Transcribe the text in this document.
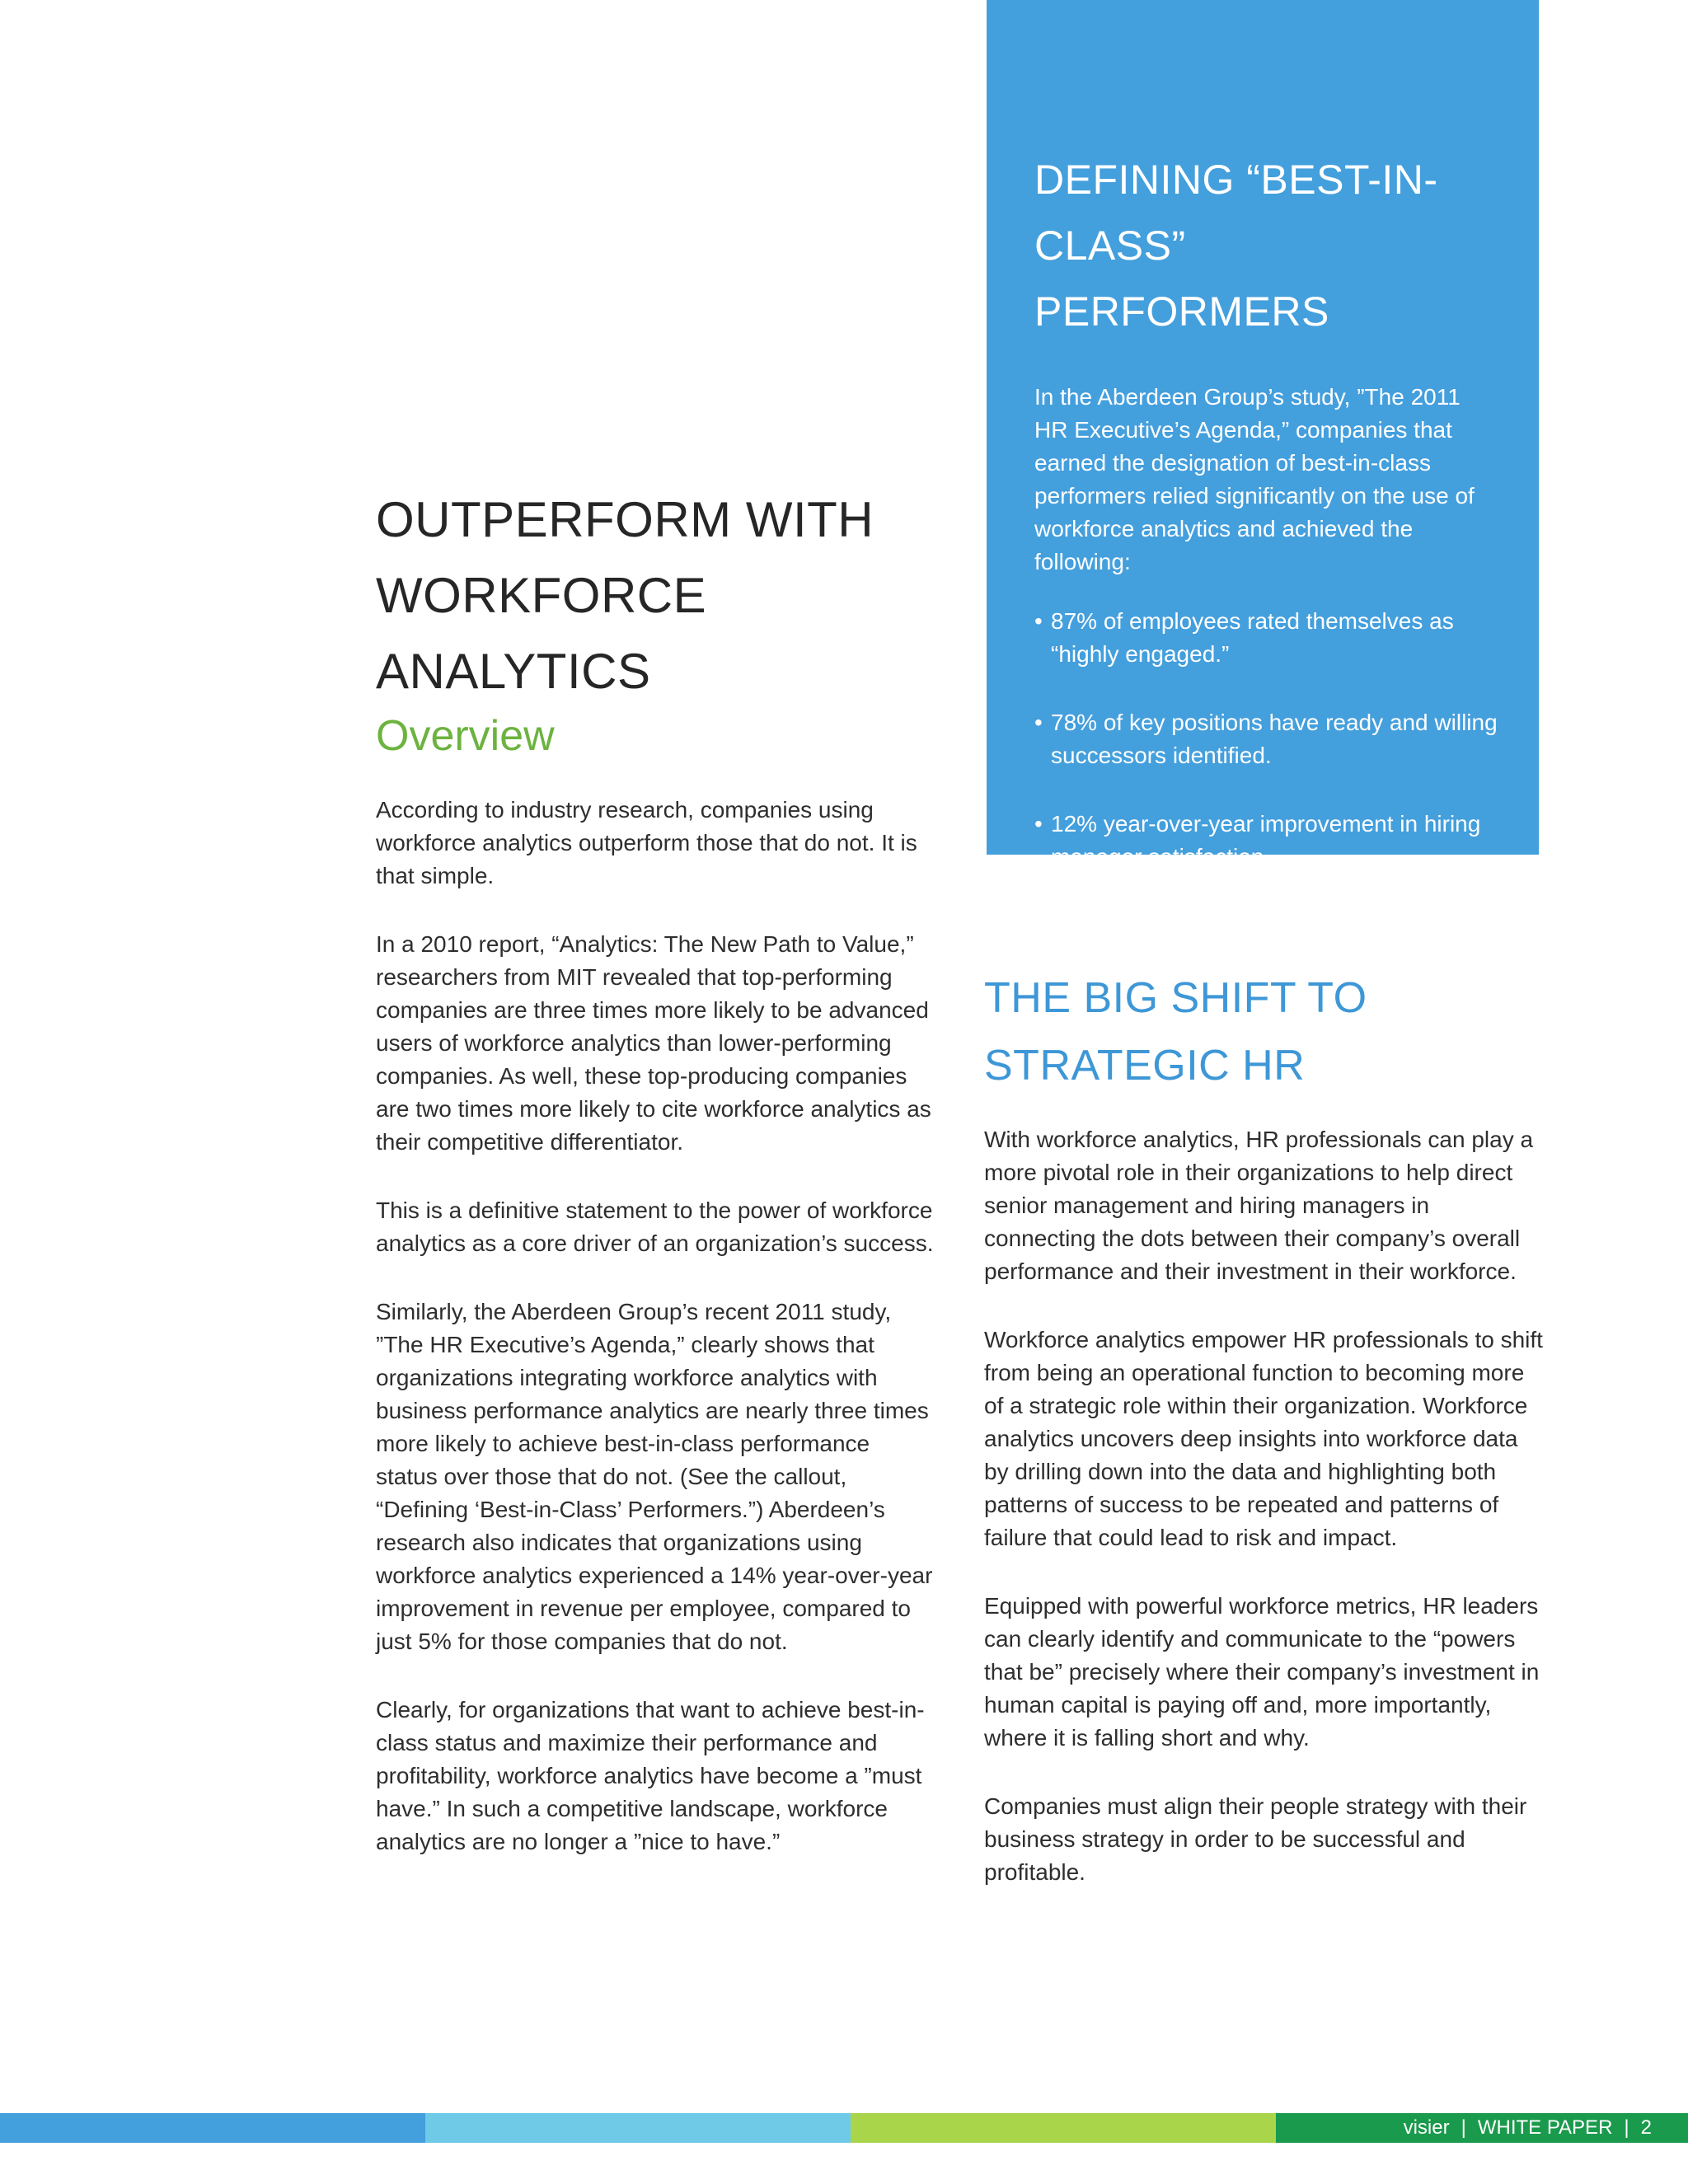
DEFINING “BEST-IN-CLASS” PERFORMERS

In the Aberdeen Group’s study, ”The 2011 HR Executive’s Agenda,” companies that earned the designation of best-in-class performers relied significantly on the use of workforce analytics and achieved the following:

• 87% of employees rated themselves as “highly engaged.”
• 78% of key positions have ready and willing successors identified.
• 12% year-over-year improvement in hiring manager satisfaction.
OUTPERFORM WITH WORKFORCE ANALYTICS
Overview

According to industry research, companies using workforce analytics outperform those that do not. It is that simple.

In a 2010 report, “Analytics: The New Path to Value,” researchers from MIT revealed that top-performing companies are three times more likely to be advanced users of workforce analytics than lower-performing companies. As well, these top-producing companies are two times more likely to cite workforce analytics as their competitive differentiator.

This is a definitive statement to the power of workforce analytics as a core driver of an organization’s success.

Similarly, the Aberdeen Group’s recent 2011 study, ”The HR Executive’s Agenda,” clearly shows that organizations integrating workforce analytics with business performance analytics are nearly three times more likely to achieve best-in-class performance status over those that do not. (See the callout, “Defining ‘Best-in-Class’ Performers.”) Aberdeen’s research also indicates that organizations using workforce analytics experienced a 14% year-over-year improvement in revenue per employee, compared to just 5% for those companies that do not.

Clearly, for organizations that want to achieve best-in-class status and maximize their performance and profitability, workforce analytics have become a ”must have.” In such a competitive landscape, workforce analytics are no longer a ”nice to have.”

THE BIG SHIFT TO STRATEGIC HR

With workforce analytics, HR professionals can play a more pivotal role in their organizations to help direct senior management and hiring managers in connecting the dots between their company’s overall performance and their investment in their workforce.

Workforce analytics empower HR professionals to shift from being an operational function to becoming more of a strategic role within their organization. Workforce analytics uncovers deep insights into workforce data by drilling down into the data and highlighting both patterns of success to be repeated and patterns of failure that could lead to risk and impact.

Equipped with powerful workforce metrics, HR leaders can clearly identify and communicate to the “powers that be” precisely where their company’s investment in human capital is paying off and, more importantly, where it is falling short and why.

Companies must align their people strategy with their business strategy in order to be successful and profitable.

visier | WHITE PAPER | 2
